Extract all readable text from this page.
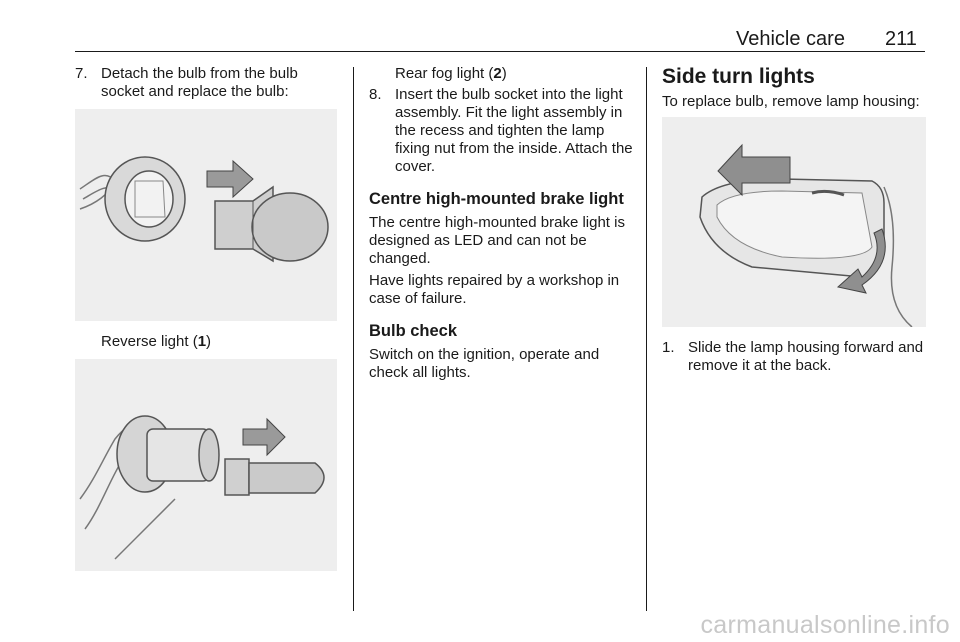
Vehicle care 211
7. Detach the bulb from the bulb socket and replace the bulb:

Reverse light (1)

Rear fog light (2)

8. Insert the bulb socket into the light assembly. Fit the light assembly in the recess and tighten the lamp fixing nut from the inside. Attach the cover.

Centre high-mounted brake light

The centre high-mounted brake light is designed as LED and can not be changed.

Have lights repaired by a workshop in case of failure.

Bulb check

Switch on the ignition, operate and check all lights.

Side turn lights

To replace bulb, remove lamp housing:

1. Slide the lamp housing forward and remove it at the back.
carmanualsonline.info
